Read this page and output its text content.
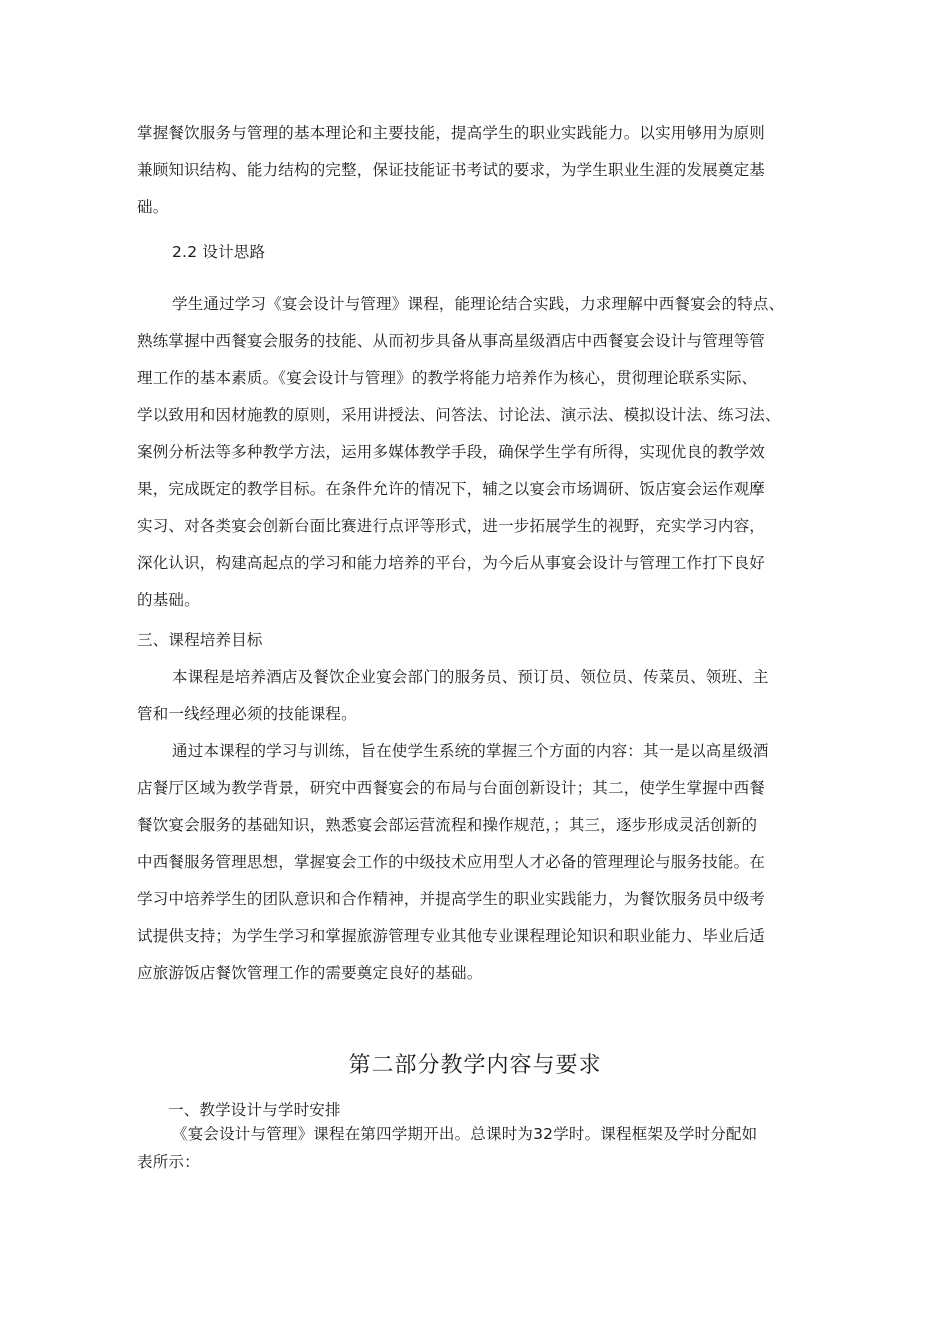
掌握餐饮服务与管理的基本理论和主要技能，提高学生的职业实践能力。以实用够用为原则
兼顾知识结构、能力结构的完整，保证技能证书考试的要求，为学生职业生涯的发展奠定基
础。
2.2 设计思路
学生通过学习《宴会设计与管理》课程，能理论结合实践，力求理解中西餐宴会的特点、
熟练掌握中西餐宴会服务的技能、从而初步具备从事高星级酒店中西餐宴会设计与管理等管
理工作的基本素质。《宴会设计与管理》的教学将能力培养作为核心，贯彻理论联系实际、
学以致用和因材施教的原则，采用讲授法、问答法、讨论法、演示法、模拟设计法、练习法、
案例分析法等多种教学方法，运用多媒体教学手段，确保学生学有所得，实现优良的教学效
果，完成既定的教学目标。在条件允许的情况下，辅之以宴会市场调研、饭店宴会运作观摩
实习、对各类宴会创新台面比赛进行点评等形式，进一步拓展学生的视野，充实学习内容，
深化认识，构建高起点的学习和能力培养的平台，为今后从事宴会设计与管理工作打下良好
的基础。
三、课程培养目标
本课程是培养酒店及餐饮企业宴会部门的服务员、预订员、领位员、传菜员、领班、主
管和一线经理必须的技能课程。
通过本课程的学习与训练，旨在使学生系统的掌握三个方面的内容：其一是以高星级酒
店餐厅区域为教学背景，研究中西餐宴会的布局与台面创新设计；其二，使学生掌握中西餐
餐饮宴会服务的基础知识，熟悉宴会部运营流程和操作规范，；其三，逐步形成灵活创新的
中西餐服务管理思想，掌握宴会工作的中级技术应用型人才必备的管理理论与服务技能。在
学习中培养学生的团队意识和合作精神，并提高学生的职业实践能力，为餐饮服务员中级考
试提供支持；为学生学习和掌握旅游管理专业其他专业课程理论知识和职业能力、毕业后适
应旅游饭店餐饮管理工作的需要奠定良好的基础。
第二部分教学内容与要求
一、教学设计与学时安排
《宴会设计与管理》课程在第四学期开出。总课时为32学时。课程框架及学时分配如
表所示：
